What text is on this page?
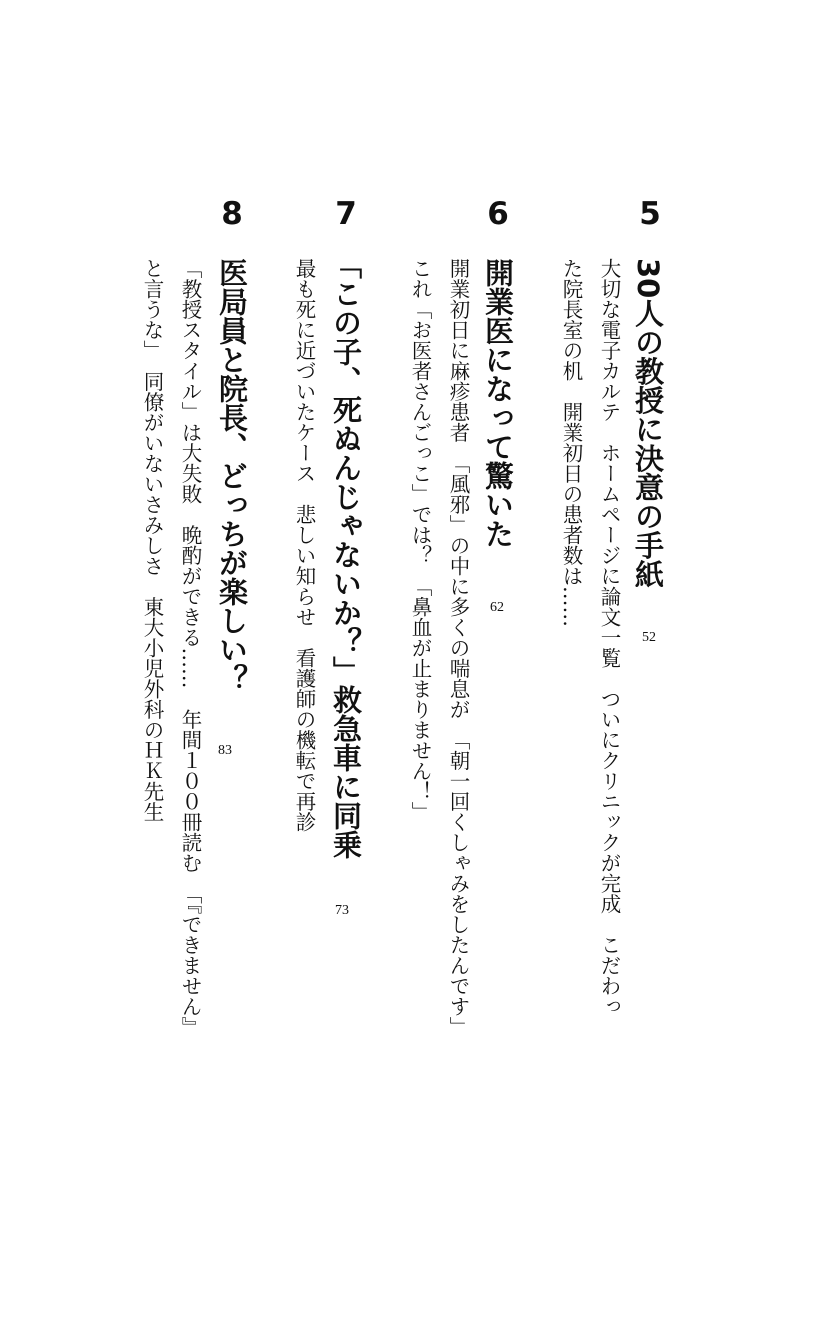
5
30人の教授に決意の手紙
52
大切な電子カルテ　ホームページに論文一覧　ついにクリニックが完成　こだわっ
た院長室の机　開業初日の患者数は……
6
開業医になって驚いた
62
開業初日に麻疹患者　「風邪」の中に多くの喘息が　「朝一回くしゃみをしたんです」
これ「お医者さんごっこ」では？　「鼻血が止まりません！」
7
「この子、死ぬんじゃないか？」救急車に同乗
73
最も死に近づいたケース　悲しい知らせ　看護師の機転で再診
8
医局員と院長、どっちが楽しい？
83
「教授スタイル」は大失敗　晩酌ができる……　年間１００冊読む　「『できません』
と言うな」　同僚がいないさみしさ　東大小児外科のＨＫ先生
